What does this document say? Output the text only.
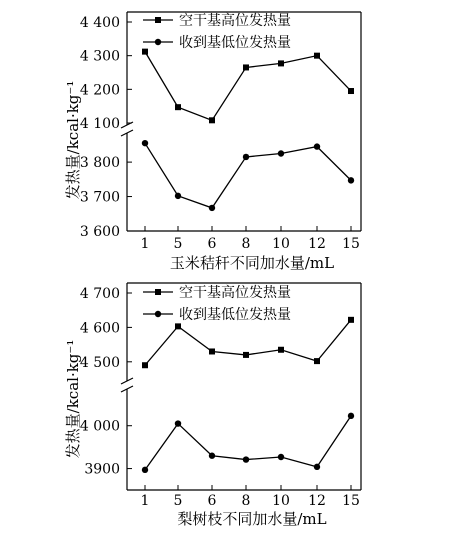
4 100
4 200
4 300
4 400
3 600
3 700
3 800
1 5 6 8 10 12 15
玉米秸秆不同加水量/mL
发热量/kcal·kg⁻¹
空干基高位发热量
收到基低位发热量
4 500
4 600
4 700
3900
4 000
1 5 6 8 10 12 15
梨树枝不同加水量/mL
发热量/kcal·kg⁻¹
空干基高位发热量
收到基低位发热量
